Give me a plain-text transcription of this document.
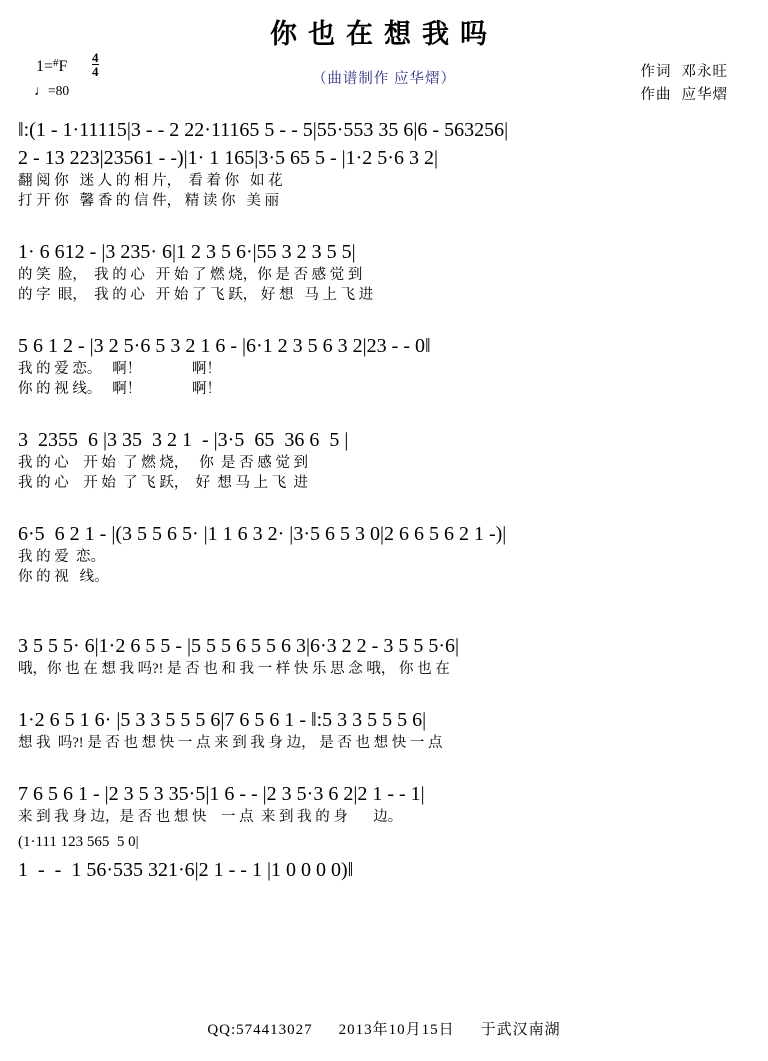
你也在想我吗
$1=^{\#}F \frac{4}{4}$
♩=80
（曲谱制作 应华熠）	作词 邓永旺
作曲 应华熠
‖:(1 - 1·11115|3 - - 2 22·11165 5 - - 5|55·553 35 6|6 - 563256|
2 - 13 223|23561 - -)|1· 1 165|3·5 65 5 - |1·2 5·6 3 2|
翻 阅 你   迷 人 的 相 片，  看 着 你   如 花
打 开 你   馨 香 的 信 件， 精 读 你   美 丽
1· 6 612 - |3 235· 6|1 2 3 5 6·|55 3 2 3 5 5|
的 笑  脸，  我 的 心   开 始 了 燃 烧，你 是 否 感 觉 到
的 字  眼，  我 的 心   开 始 了 飞 跃， 好 想   马 上 飞 进
5 6 1 2 - |3 2 5·6 5 3 2 1 6 - |6·1 2 3 5 6 3 2|23 - - 0‖
我 的 爱 恋。   啊！              啊！
你 的 视 线。   啊！              啊！
3  2355  6 |3 35  3 2 1  - |3·5  65  36 6  5 |
我 的 心    开 始  了 燃 烧，   你  是 否 感 觉 到
我 的 心    开 始  了 飞 跃，  好  想 马 上 飞  进
6·5  6 2 1 - |(3 5 5 6 5· |1 1 6 3 2· |3·5 6 5 3 0|2 6 6 5 6 2 1 -)|
我 的 爱  恋。
你 的 视   线。
3 5 5 5· 6|1·2 6 5 5 - |5 5 5 6 5 5 6 3|6·3 2 2 - 3 5 5 5·6|
哦，你 也 在 想 我 吗?! 是 否 也 和 我 一 样 快 乐 思 念 哦， 你 也 在
1·2 6 5 1 6· |5 3 3 5 5 5 6|7 6 5 6 1 - ‖:5 3 3 5 5 5 6|
想 我  吗?! 是 否 也 想 快 一 点 来 到 我 身 边， 是 否 也 想 快 一 点
7 6 5 6 1 - |2 3 5 3 35·5|1 6 - - |2 3 5·3 6 2|2 1 - - 1|
来 到 我 身 边，是 否 也 想 快    一 点  来 到 我 的 身       边。
(1·111 123 565  5 0|
1  -  -  1 56·535 321·6|2 1 - - 1 |1 0 0 0 0)‖
QQ:574413027 2013年10月15日 于武汉南湖
